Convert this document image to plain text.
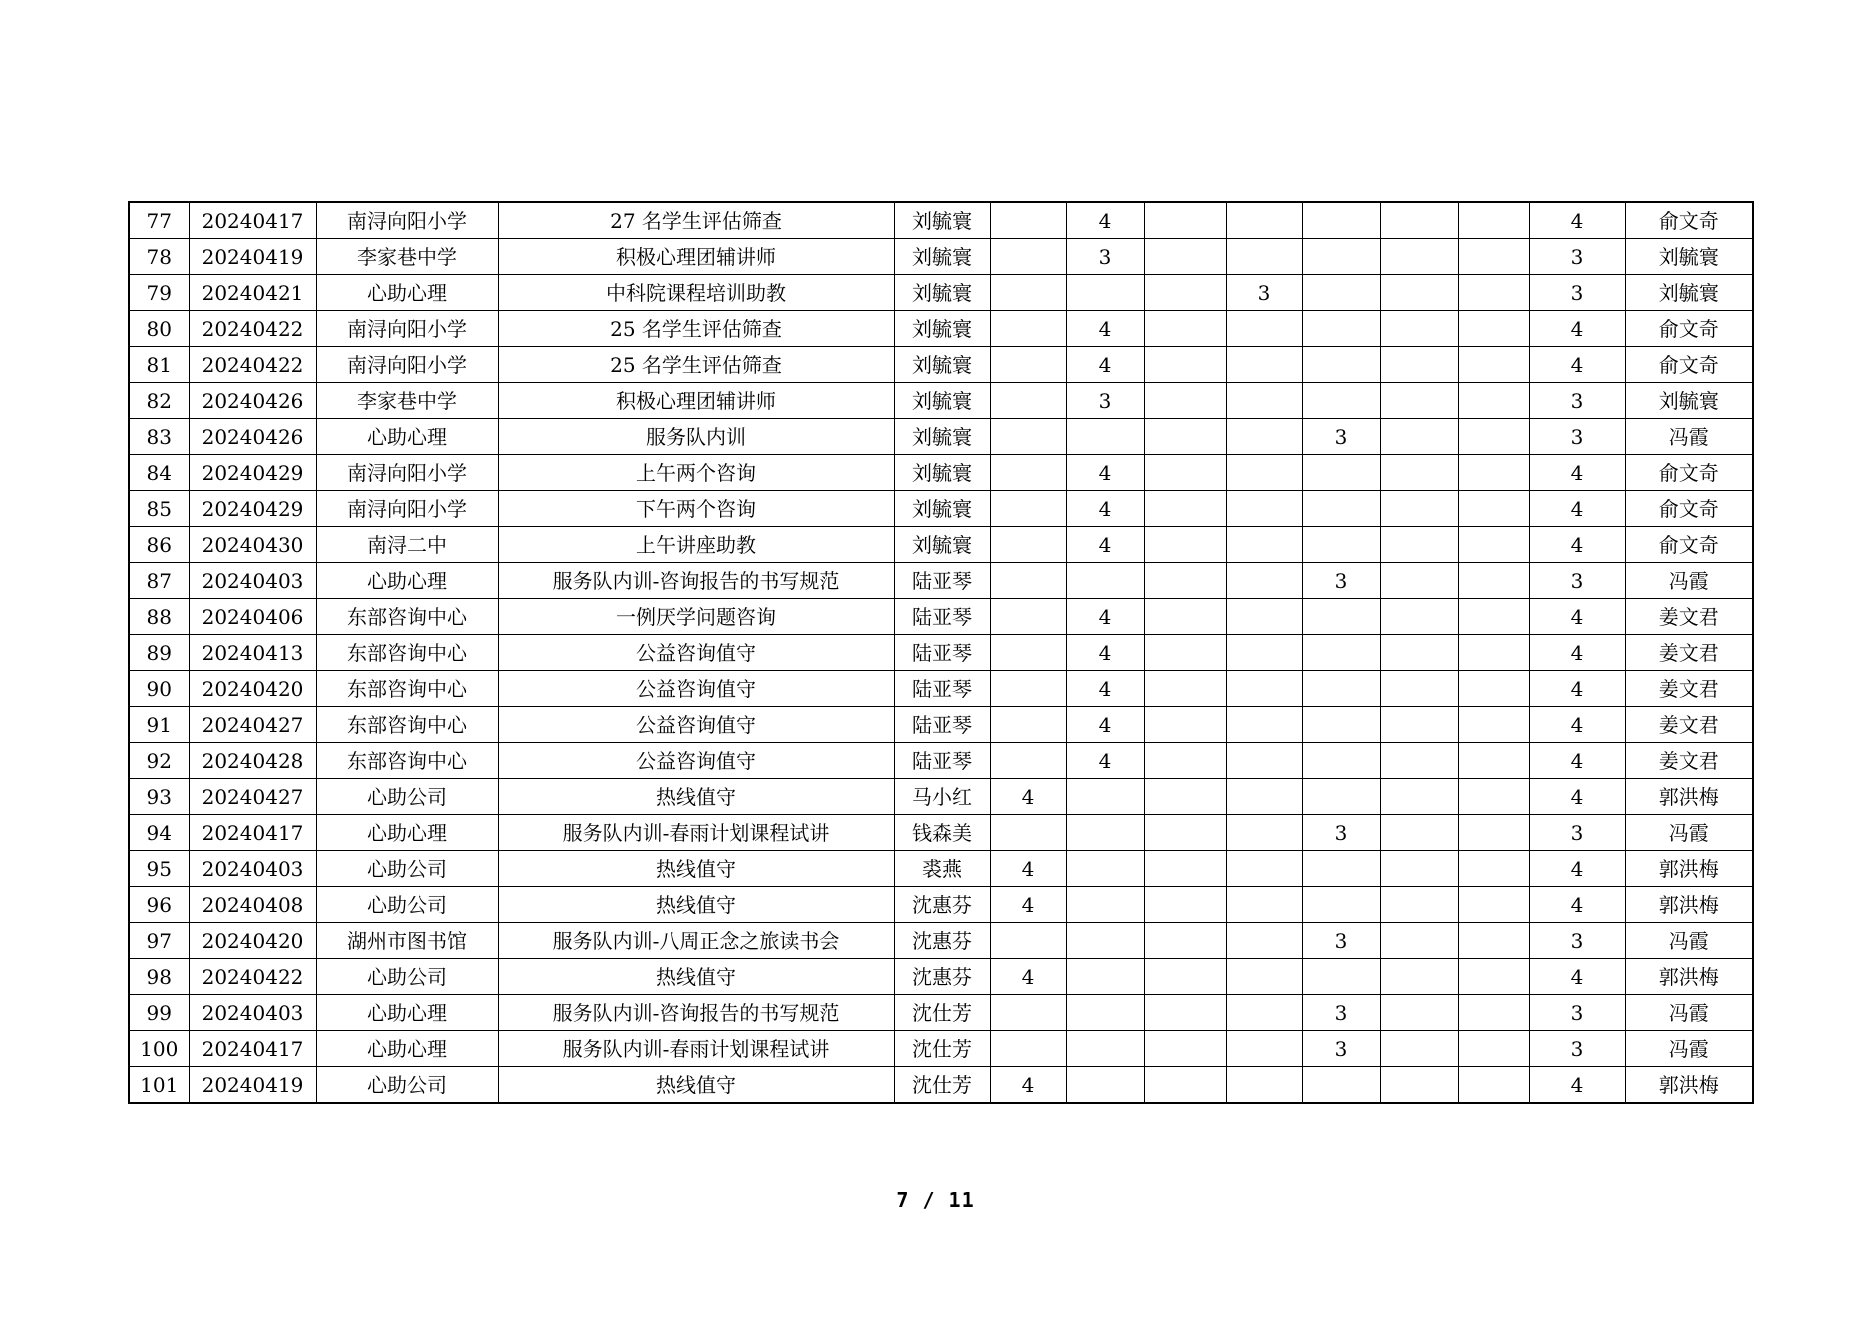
77	20240417	南浔向阳小学	27 名学生评估筛查	刘毓寰		4						4	俞文奇
78	20240419	李家巷中学	积极心理团辅讲师	刘毓寰		3						3	刘毓寰
79	20240421	心助心理	中科院课程培训助教	刘毓寰				3				3	刘毓寰
80	20240422	南浔向阳小学	25 名学生评估筛查	刘毓寰		4						4	俞文奇
81	20240422	南浔向阳小学	25 名学生评估筛查	刘毓寰		4						4	俞文奇
82	20240426	李家巷中学	积极心理团辅讲师	刘毓寰		3						3	刘毓寰
83	20240426	心助心理	服务队内训	刘毓寰					3			3	冯霞
84	20240429	南浔向阳小学	上午两个咨询	刘毓寰		4						4	俞文奇
85	20240429	南浔向阳小学	下午两个咨询	刘毓寰		4						4	俞文奇
86	20240430	南浔二中	上午讲座助教	刘毓寰		4						4	俞文奇
87	20240403	心助心理	服务队内训-咨询报告的书写规范	陆亚琴					3			3	冯霞
88	20240406	东部咨询中心	一例厌学问题咨询	陆亚琴		4						4	姜文君
89	20240413	东部咨询中心	公益咨询值守	陆亚琴		4						4	姜文君
90	20240420	东部咨询中心	公益咨询值守	陆亚琴		4						4	姜文君
91	20240427	东部咨询中心	公益咨询值守	陆亚琴		4						4	姜文君
92	20240428	东部咨询中心	公益咨询值守	陆亚琴		4						4	姜文君
93	20240427	心助公司	热线值守	马小红	4							4	郭洪梅
94	20240417	心助心理	服务队内训-春雨计划课程试讲	钱森美					3			3	冯霞
95	20240403	心助公司	热线值守	裘燕	4							4	郭洪梅
96	20240408	心助公司	热线值守	沈惠芬	4							4	郭洪梅
97	20240420	湖州市图书馆	服务队内训-八周正念之旅读书会	沈惠芬					3			3	冯霞
98	20240422	心助公司	热线值守	沈惠芬	4							4	郭洪梅
99	20240403	心助心理	服务队内训-咨询报告的书写规范	沈仕芳					3			3	冯霞
100	20240417	心助心理	服务队内训-春雨计划课程试讲	沈仕芳					3			3	冯霞
101	20240419	心助公司	热线值守	沈仕芳	4							4	郭洪梅
7 / 11
